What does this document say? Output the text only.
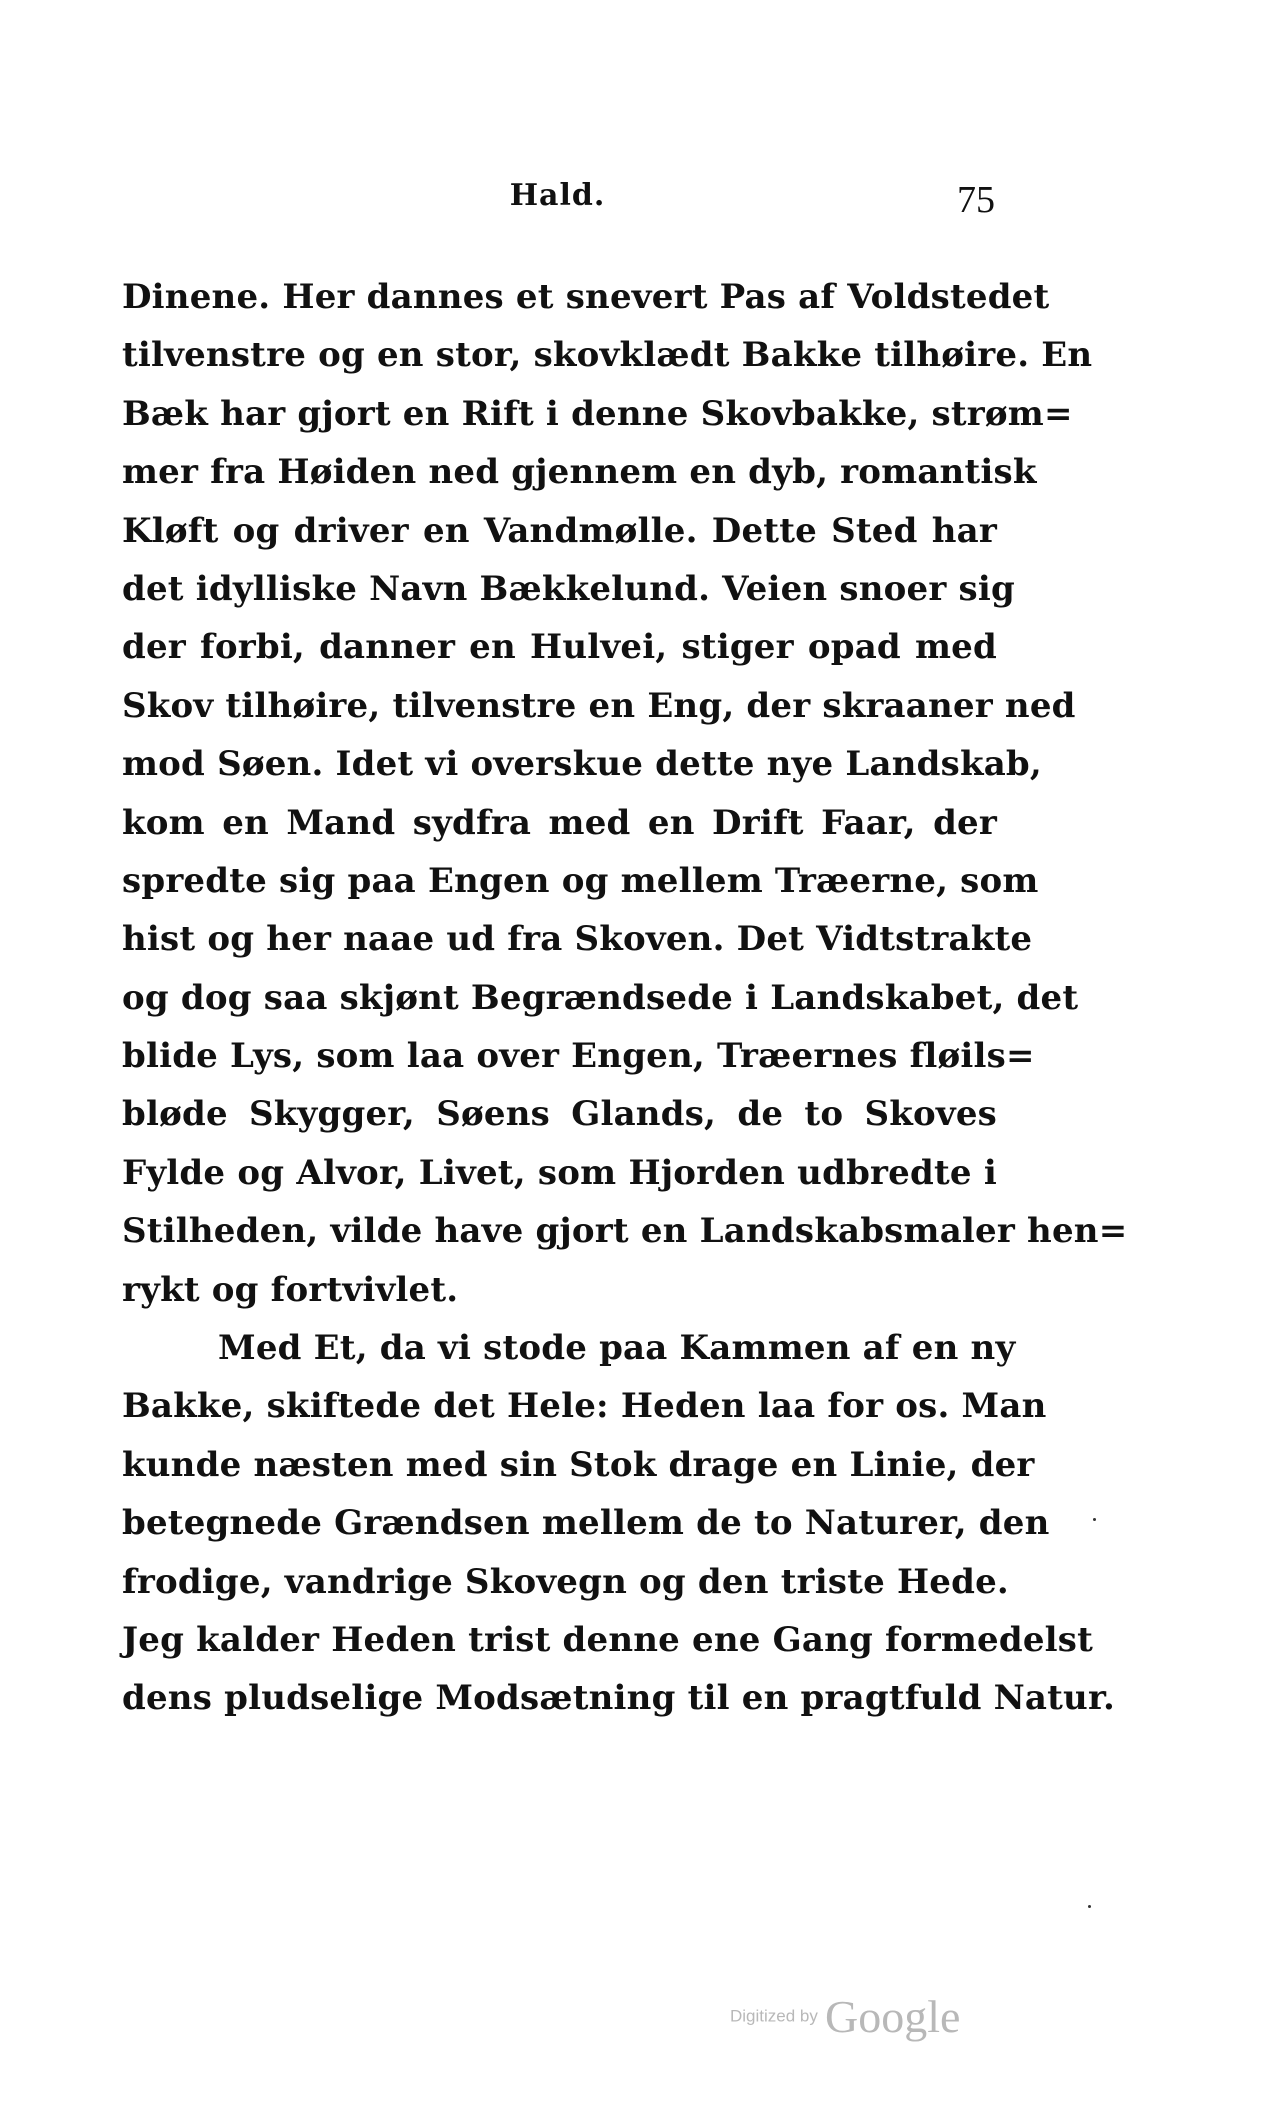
Hald.	75
Dinene. Her dannes et snevert Pas af Voldstedet
tilvenstre og en stor, skovklædt Bakke tilhøire. En
Bæk har gjort en Rift i denne Skovbakke, strøm=
mer fra Høiden ned gjennem en dyb, romantisk
Kløft og driver en Vandmølle. Dette Sted har
det idylliske Navn Bækkelund. Veien snoer sig
der forbi, danner en Hulvei, stiger opad med
Skov tilhøire, tilvenstre en Eng, der skraaner ned
mod Søen. Idet vi overskue dette nye Landskab,
kom en Mand sydfra med en Drift Faar, der
spredte sig paa Engen og mellem Træerne, som
hist og her naae ud fra Skoven. Det Vidtstrakte
og dog saa skjønt Begrændsede i Landskabet, det
blide Lys, som laa over Engen, Træernes fløils=
bløde Skygger, Søens Glands, de to Skoves
Fylde og Alvor, Livet, som Hjorden udbredte i
Stilheden, vilde have gjort en Landskabsmaler hen=
rykt og fortvivlet.
Med Et, da vi stode paa Kammen af en ny
Bakke, skiftede det Hele: Heden laa for os. Man
kunde næsten med sin Stok drage en Linie, der
betegnede Grændsen mellem de to Naturer, den
frodige, vandrige Skovegn og den triste Hede.
Jeg kalder Heden trist denne ene Gang formedelst
dens pludselige Modsætning til en pragtfuld Natur.
Digitized by Google
